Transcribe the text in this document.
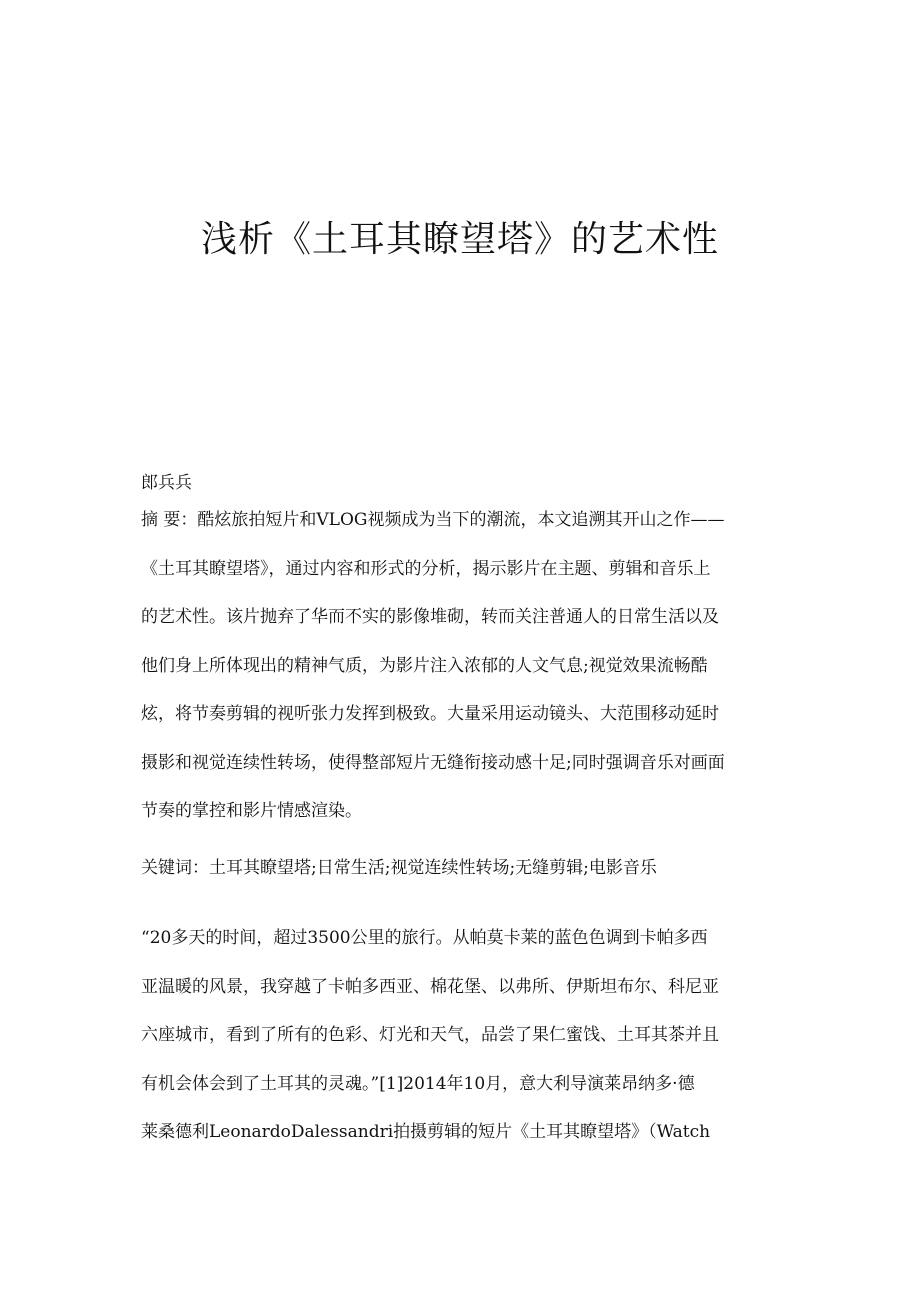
浅析《土耳其瞭望塔》的艺术性

郎兵兵

摘 要：酷炫旅拍短片和VLOG视频成为当下的潮流，本文追溯其开山之作——
《土耳其瞭望塔》，通过内容和形式的分析，揭示影片在主题、剪辑和音乐上
的艺术性。该片抛弃了华而不实的影像堆砌，转而关注普通人的日常生活以及
他们身上所体现出的精神气质，为影片注入浓郁的人文气息;视觉效果流畅酷
炫，将节奏剪辑的视听张力发挥到极致。大量采用运动镜头、大范围移动延时
摄影和视觉连续性转场，使得整部短片无缝衔接动感十足;同时强调音乐对画面
节奏的掌控和影片情感渲染。
关键词：土耳其瞭望塔;日常生活;视觉连续性转场;无缝剪辑;电影音乐
“20多天的时间，超过3500公里的旅行。从帕莫卡莱的蓝色色调到卡帕多西
亚温暖的风景，我穿越了卡帕多西亚、棉花堡、以弗所、伊斯坦布尔、科尼亚
六座城市，看到了所有的色彩、灯光和天气，品尝了果仁蜜饯、土耳其茶并且
有机会体会到了土耳其的灵魂。”[1]2014年10月，意大利导演莱昂纳多·德
莱桑德利LeonardoDalessandri拍摄剪辑的短片《土耳其瞭望塔》（Watch
